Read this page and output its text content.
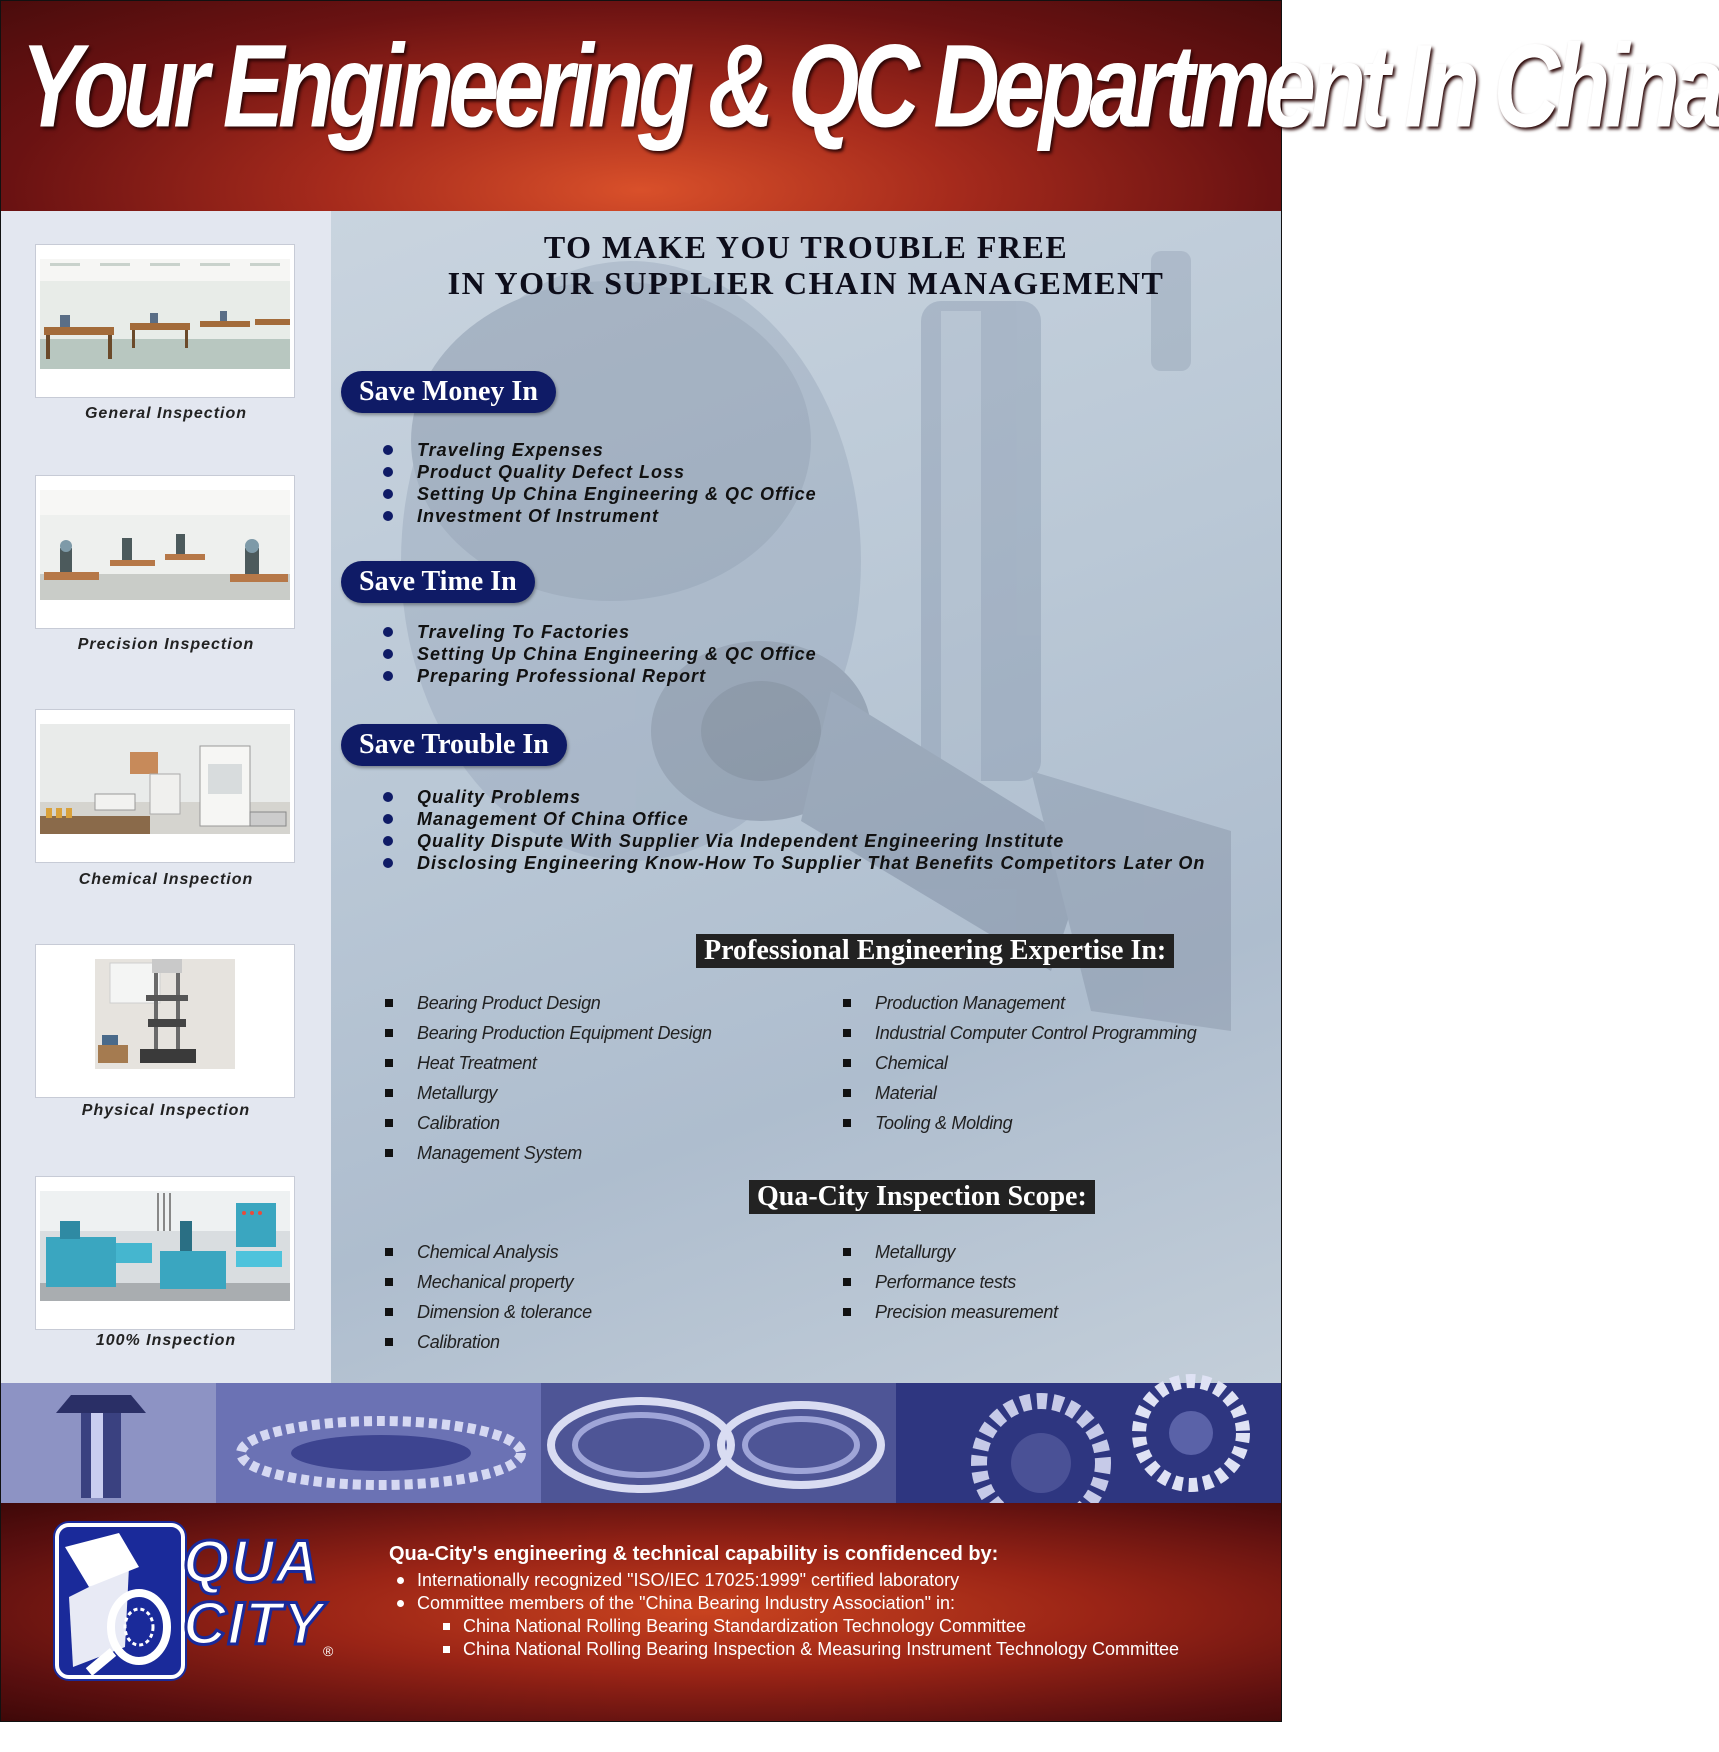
Your Engineering & QC Department In China
General Inspection
Precision Inspection
Chemical Inspection
Physical Inspection
100% Inspection
TO MAKE YOU TROUBLE FREE
IN YOUR SUPPLIER CHAIN MANAGEMENT
Save Money In
Traveling Expenses
Product Quality Defect Loss
Setting Up China Engineering & QC Office
Investment Of Instrument
Save Time In
Traveling To Factories
Setting Up China Engineering & QC Office
Preparing Professional Report
Save Trouble In
Quality Problems
Management Of China Office
Quality Dispute With Supplier Via Independent Engineering Institute
Disclosing Engineering Know-How To Supplier That Benefits Competitors Later On
Professional Engineering Expertise In:
Bearing Product Design
Bearing Production Equipment Design
Heat Treatment
Metallurgy
Calibration
Management System
Production Management
Industrial Computer Control Programming
Chemical
Material
Tooling & Molding
Qua-City Inspection Scope:
Chemical Analysis
Mechanical property
Dimension & tolerance
Calibration
Metallurgy
Performance tests
Precision measurement
QUA
CITY ®
Qua-City's engineering & technical capability is confidenced by:
Internationally recognized "ISO/IEC 17025:1999" certified laboratory
Committee members of the "China Bearing Industry Association" in:
China National Rolling Bearing Standardization Technology Committee
China National Rolling Bearing Inspection & Measuring Instrument Technology Committee
